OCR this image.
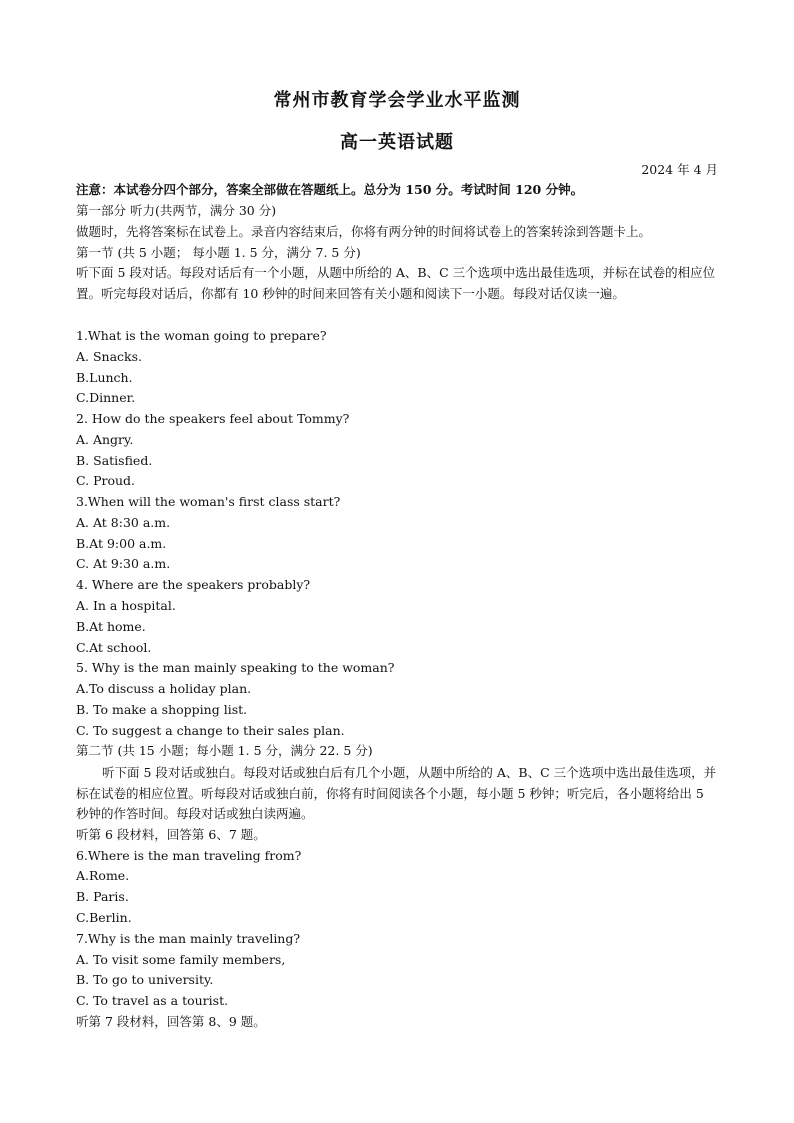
常州市教育学会学业水平监测
高一英语试题
2024 年 4 月
注意：本试卷分四个部分，答案全部做在答题纸上。总分为 150 分。考试时间 120 分钟。
第一部分 听力(共两节，满分 30 分)
做题时，先将答案标在试卷上。录音内容结束后，你将有两分钟的时间将试卷上的答案转涂到答题卡上。
第一节 (共 5 小题； 每小题 1. 5 分，满分 7. 5 分)
听下面 5 段对话。每段对话后有一个小题，从题中所给的 A、B、C 三个选项中选出最佳选项，并标在试卷的相应位置。听完每段对话后，你都有 10 秒钟的时间来回答有关小题和阅读下一小题。每段对话仅读一遍。
1.What is the woman going to prepare?
A. Snacks.
B.Lunch.
C.Dinner.
2. How do the speakers feel about Tommy?
A. Angry.
B. Satisfied.
C. Proud.
3.When will the woman's first class start?
A. At 8:30 a.m.
B.At 9:00 a.m.
C. At 9:30 a.m.
4. Where are the speakers probably?
A. In a hospital.
B.At home.
C.At school.
5. Why is the man mainly speaking to the woman?
A.To discuss a holiday plan.
B. To make a shopping list.
C. To suggest a change to their sales plan.
第二节 (共 15 小题；每小题 1. 5 分，满分 22. 5 分)
听下面 5 段对话或独白。每段对话或独白后有几个小题，从题中所给的 A、B、C 三个选项中选出最佳选项，并标在试卷的相应位置。听每段对话或独白前，你将有时间阅读各个小题，每小题 5 秒钟；听完后，各小题将给出 5 秒钟的作答时间。每段对话或独白读两遍。
听第 6 段材料，回答第 6、7 题。
6.Where is the man traveling from?
A.Rome.
B. Paris.
C.Berlin.
7.Why is the man mainly traveling?
A. To visit some family members,
B. To go to university.
C. To travel as a tourist.
听第 7 段材料，回答第 8、9 题。
